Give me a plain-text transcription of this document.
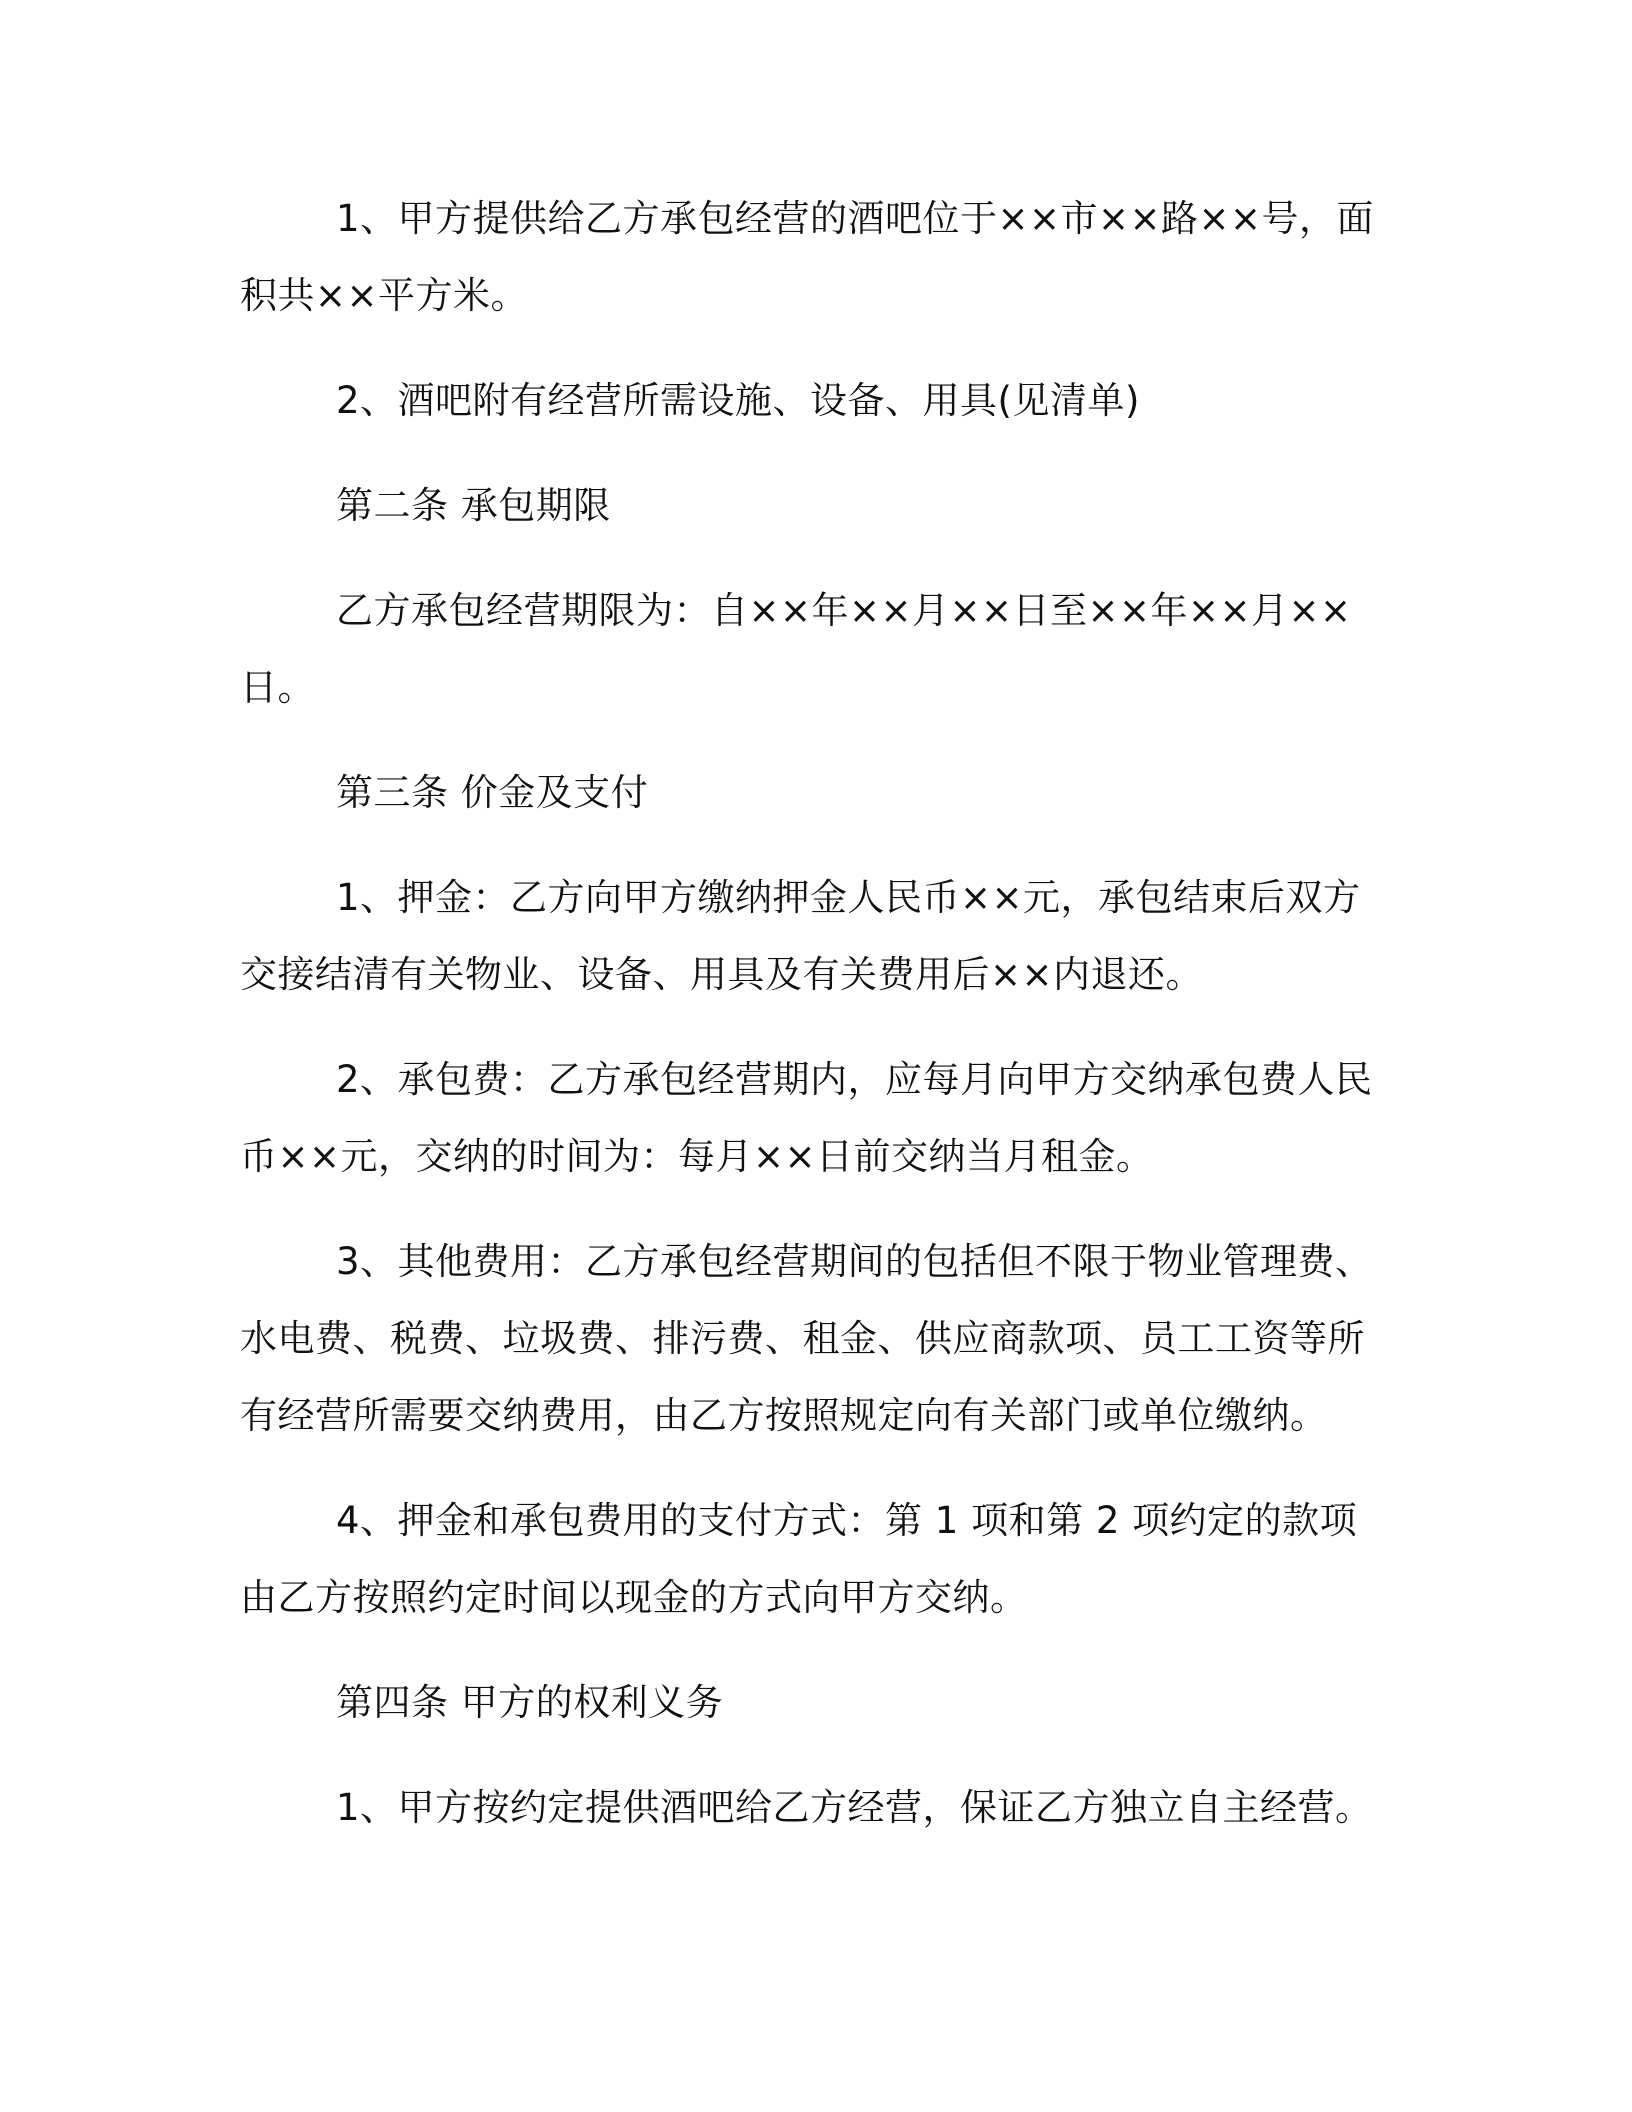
1、甲方提供给乙方承包经营的酒吧位于××市××路××号，面积共××平方米。

2、酒吧附有经营所需设施、设备、用具(见清单)

第二条 承包期限

乙方承包经营期限为：自××年××月××日至××年××月××日。

第三条 价金及支付

1、押金：乙方向甲方缴纳押金人民币××元，承包结束后双方交接结清有关物业、设备、用具及有关费用后××内退还。

2、承包费：乙方承包经营期内，应每月向甲方交纳承包费人民币××元，交纳的时间为：每月××日前交纳当月租金。

3、其他费用：乙方承包经营期间的包括但不限于物业管理费、水电费、税费、垃圾费、排污费、租金、供应商款项、员工工资等所有经营所需要交纳费用，由乙方按照规定向有关部门或单位缴纳。

4、押金和承包费用的支付方式：第 1 项和第 2 项约定的款项由乙方按照约定时间以现金的方式向甲方交纳。

第四条 甲方的权利义务

1、甲方按约定提供酒吧给乙方经营，保证乙方独立自主经营。
